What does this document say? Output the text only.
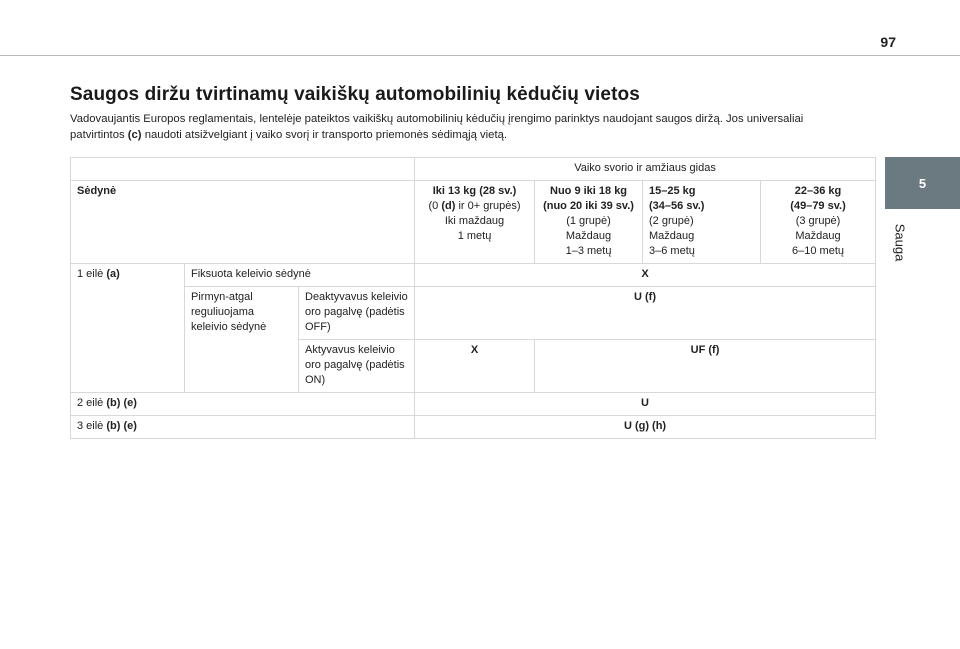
97
5
Sauga
Saugos diržu tvirtinamų vaikiškų automobilinių kėdučių vietos

Vadovaujantis Europos reglamentais, lentelėje pateiktos vaikiškų automobilinių kėdučių įrengimo parinktys naudojant saugos diržą. Jos universaliai patvirtintos (c) naudoti atsižvelgiant į vaiko svorį ir transporto priemonės sėdimąją vietą.

			Vaiko svorio ir amžiaus gidas			
Sėdynė			Iki 13 kg (28 sv.)
(0 (d) ir 0+ grupės)
Iki maždaug
1 metų	Nuo 9 iki 18 kg
(nuo 20 iki 39 sv.)
(1 grupė)
Maždaug
1–3 metų	15–25 kg
(34–56 sv.)
(2 grupė)
Maždaug
3–6 metų	22–36 kg
(49–79 sv.)
(3 grupė)
Maždaug
6–10 metų
1 eilė (a)	Fiksuota keleivio sėdynė		X			
	Pirmyn-atgal reguliuojama keleivio sėdynė	Deaktyvavus keleivio oro pagalvę (padėtis OFF)	U (f)			
		Aktyvavus keleivio oro pagalvę (padėtis ON)	X	UF (f)		
2 eilė (b) (e)			U			
3 eilė (b) (e)			U (g) (h)			
